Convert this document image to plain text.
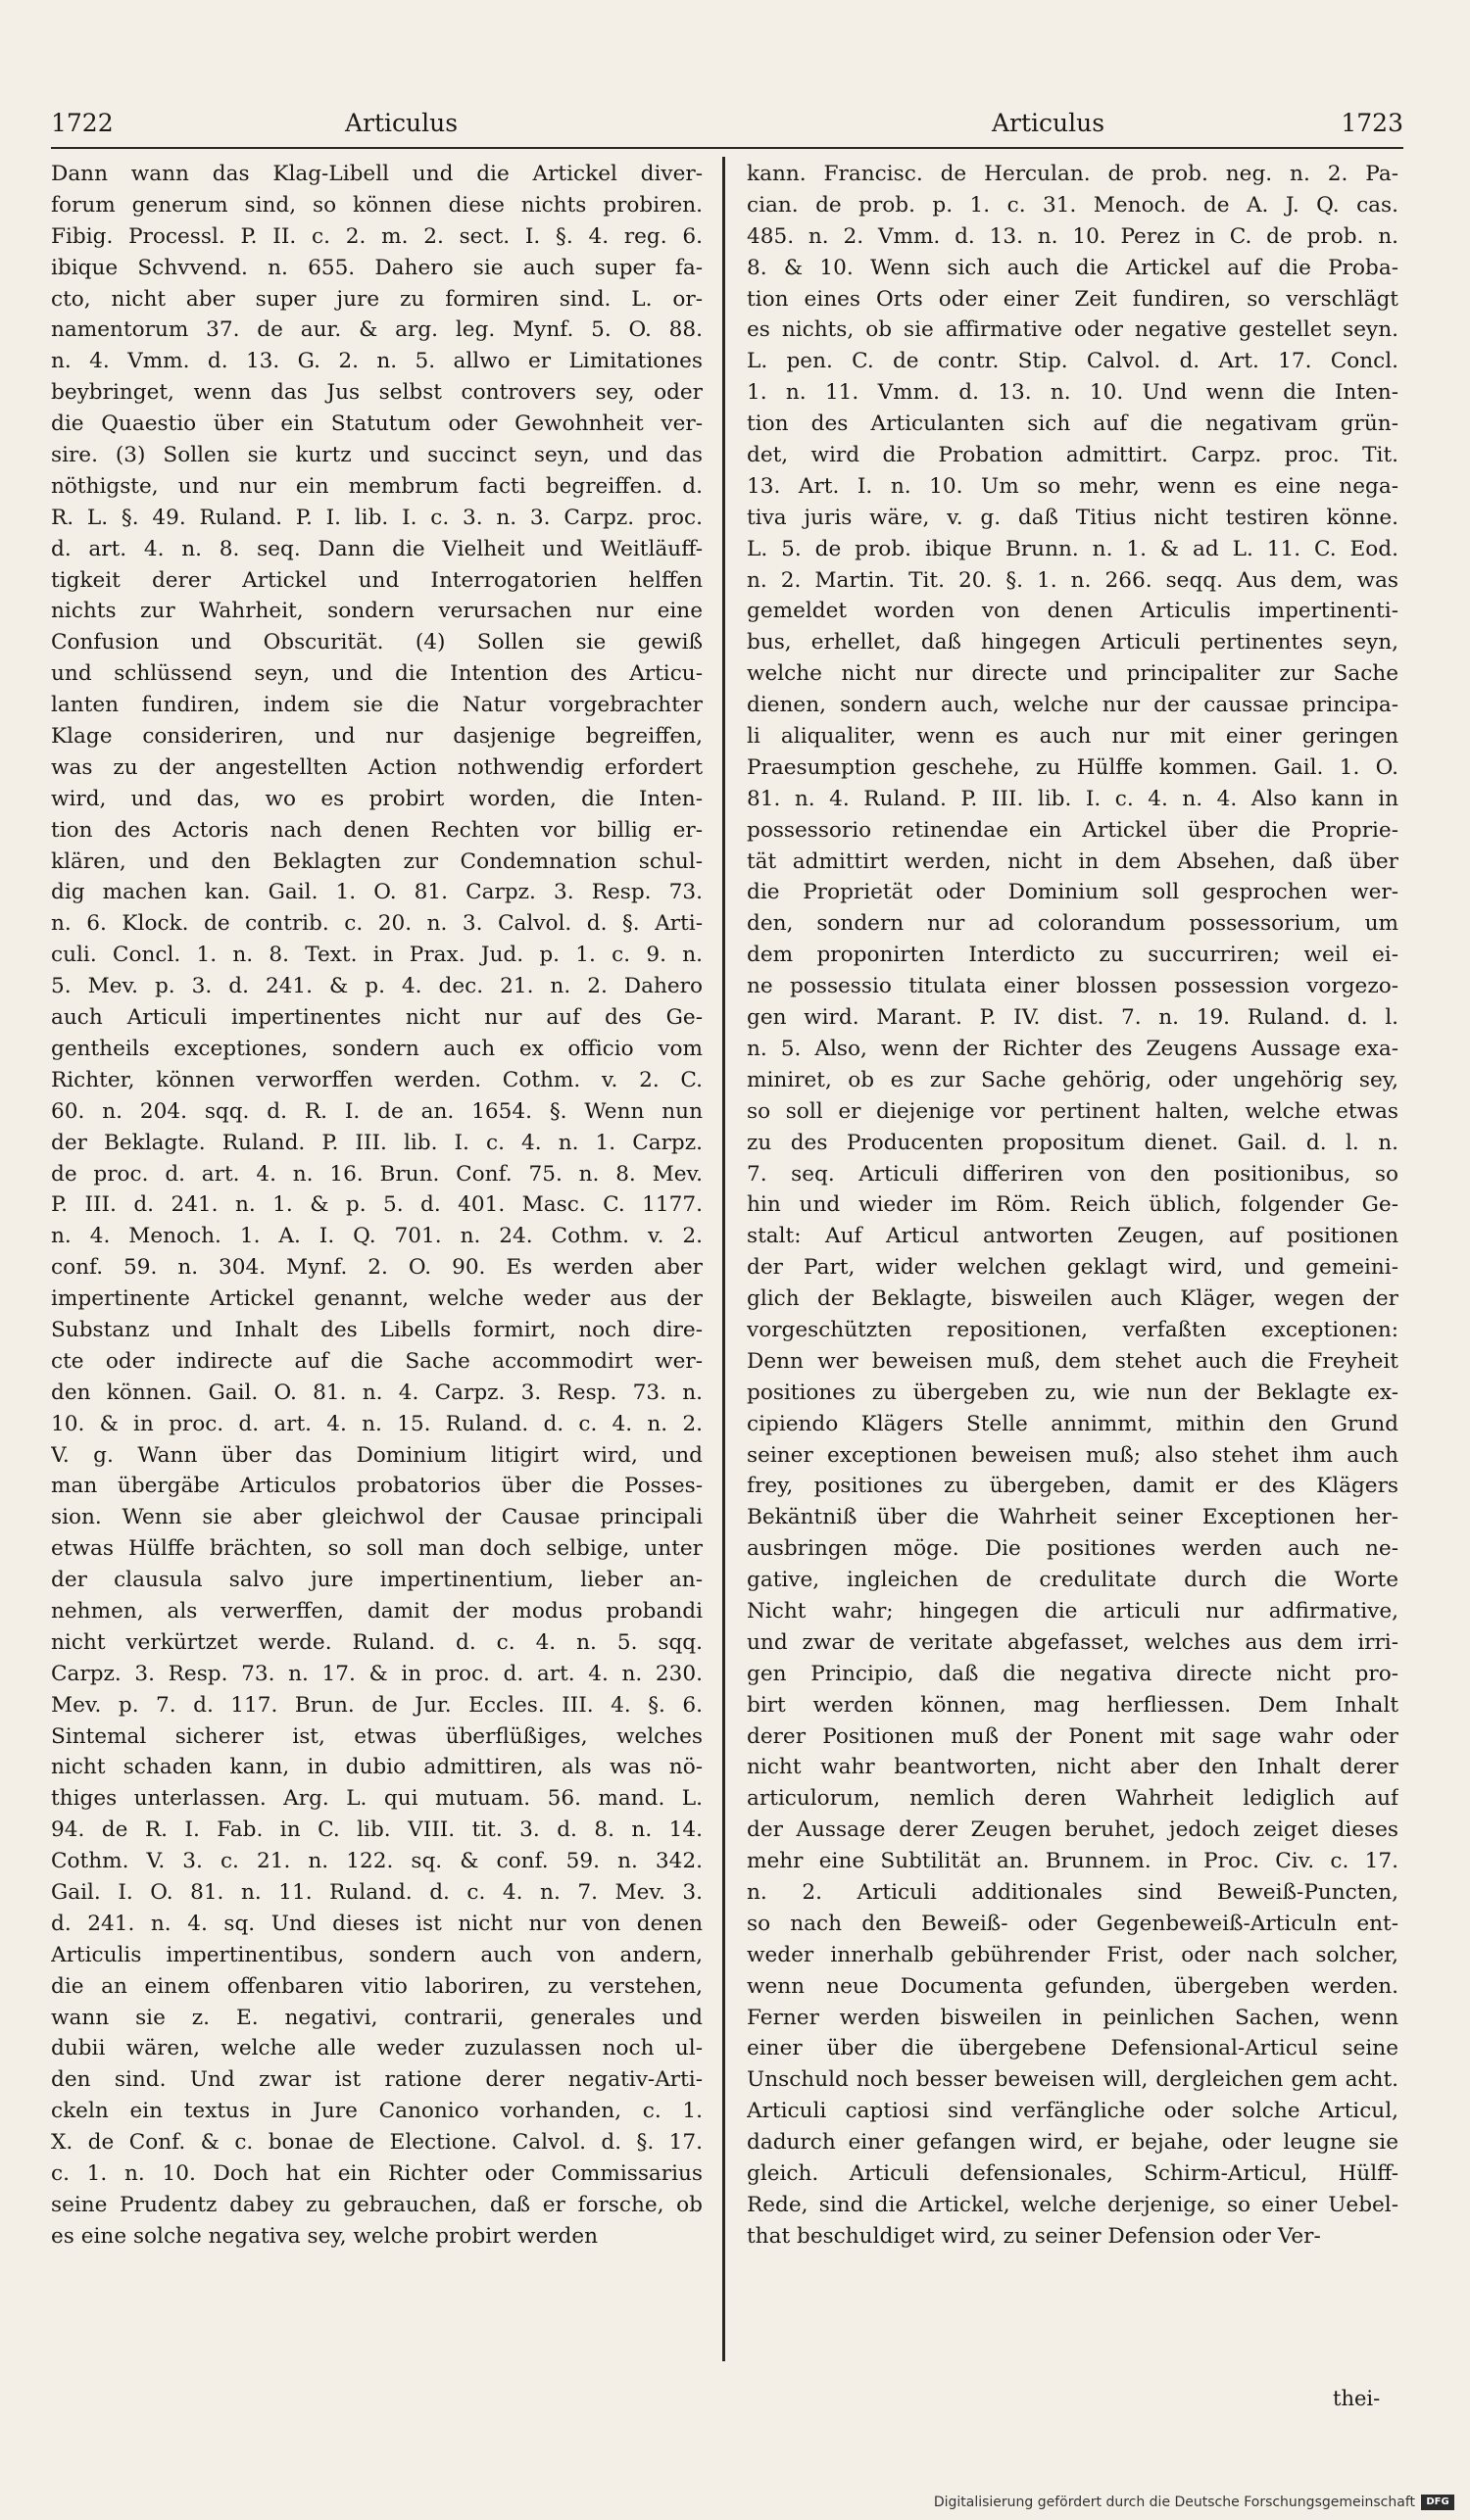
1722	Articulus	Articulus	1723
Dann wann das Klag-Libell und die Artickel diver-
forum generum sind, so können diese nichts probiren.
Fibig. Processl. P. II. c. 2. m. 2. sect. I. §. 4. reg. 6.
ibique Schvvend. n. 655. Dahero sie auch super fa-
cto, nicht aber super jure zu formiren sind. L. or-
namentorum 37. de aur. & arg. leg. Mynf. 5. O. 88.
n. 4. Vmm. d. 13. G. 2. n. 5. allwo er Limitationes
beybringet, wenn das Jus selbst controvers sey, oder
die Quaestio über ein Statutum oder Gewohnheit ver-
sire. (3) Sollen sie kurtz und succinct seyn, und das
nöthigste, und nur ein membrum facti begreiffen. d.
R. L. §. 49. Ruland. P. I. lib. I. c. 3. n. 3. Carpz. proc.
d. art. 4. n. 8. seq. Dann die Vielheit und Weitläuff-
tigkeit derer Artickel und Interrogatorien helffen
nichts zur Wahrheit, sondern verursachen nur eine
Confusion und Obscurität. (4) Sollen sie gewiß
und schlüssend seyn, und die Intention des Articu-
lanten fundiren, indem sie die Natur vorgebrachter
Klage consideriren, und nur dasjenige begreiffen,
was zu der angestellten Action nothwendig erfordert
wird, und das, wo es probirt worden, die Inten-
tion des Actoris nach denen Rechten vor billig er-
klären, und den Beklagten zur Condemnation schul-
dig machen kan. Gail. 1. O. 81. Carpz. 3. Resp. 73.
n. 6. Klock. de contrib. c. 20. n. 3. Calvol. d. §. Arti-
culi. Concl. 1. n. 8. Text. in Prax. Jud. p. 1. c. 9. n.
5. Mev. p. 3. d. 241. & p. 4. dec. 21. n. 2. Dahero
auch Articuli impertinentes nicht nur auf des Ge-
gentheils exceptiones, sondern auch ex officio vom
Richter, können verworffen werden. Cothm. v. 2. C.
60. n. 204. sqq. d. R. I. de an. 1654. §. Wenn nun
der Beklagte. Ruland. P. III. lib. I. c. 4. n. 1. Carpz.
de proc. d. art. 4. n. 16. Brun. Conf. 75. n. 8. Mev.
P. III. d. 241. n. 1. & p. 5. d. 401. Masc. C. 1177.
n. 4. Menoch. 1. A. I. Q. 701. n. 24. Cothm. v. 2.
conf. 59. n. 304. Mynf. 2. O. 90. Es werden aber
impertinente Artickel genannt, welche weder aus der
Substanz und Inhalt des Libells formirt, noch dire-
cte oder indirecte auf die Sache accommodirt wer-
den können. Gail. O. 81. n. 4. Carpz. 3. Resp. 73. n.
10. & in proc. d. art. 4. n. 15. Ruland. d. c. 4. n. 2.
V. g. Wann über das Dominium litigirt wird, und
man übergäbe Articulos probatorios über die Posses-
sion. Wenn sie aber gleichwol der Causae principali
etwas Hülffe brächten, so soll man doch selbige, unter
der clausula salvo jure impertinentium, lieber an-
nehmen, als verwerffen, damit der modus probandi
nicht verkürtzet werde. Ruland. d. c. 4. n. 5. sqq.
Carpz. 3. Resp. 73. n. 17. & in proc. d. art. 4. n. 230.
Mev. p. 7. d. 117. Brun. de Jur. Eccles. III. 4. §. 6.
Sintemal sicherer ist, etwas überflüßiges, welches
nicht schaden kann, in dubio admittiren, als was nö-
thiges unterlassen. Arg. L. qui mutuam. 56. mand. L.
94. de R. I. Fab. in C. lib. VIII. tit. 3. d. 8. n. 14.
Cothm. V. 3. c. 21. n. 122. sq. & conf. 59. n. 342.
Gail. I. O. 81. n. 11. Ruland. d. c. 4. n. 7. Mev. 3.
d. 241. n. 4. sq. Und dieses ist nicht nur von denen
Articulis impertinentibus, sondern auch von andern,
die an einem offenbaren vitio laboriren, zu verstehen,
wann sie z. E. negativi, contrarii, generales und
dubii wären, welche alle weder zuzulassen noch ul-
den sind. Und zwar ist ratione derer negativ-Arti-
ckeln ein textus in Jure Canonico vorhanden, c. 1.
X. de Conf. & c. bonae de Electione. Calvol. d. §. 17.
c. 1. n. 10. Doch hat ein Richter oder Commissarius
seine Prudentz dabey zu gebrauchen, daß er forsche, ob
es eine solche negativa sey, welche probirt werden
kann. Francisc. de Herculan. de prob. neg. n. 2. Pa-
cian. de prob. p. 1. c. 31. Menoch. de A. J. Q. cas.
485. n. 2. Vmm. d. 13. n. 10. Perez in C. de prob. n.
8. & 10. Wenn sich auch die Artickel auf die Proba-
tion eines Orts oder einer Zeit fundiren, so verschlägt
es nichts, ob sie affirmative oder negative gestellet seyn.
L. pen. C. de contr. Stip. Calvol. d. Art. 17. Concl.
1. n. 11. Vmm. d. 13. n. 10. Und wenn die Inten-
tion des Articulanten sich auf die negativam grün-
det, wird die Probation admittirt. Carpz. proc. Tit.
13. Art. I. n. 10. Um so mehr, wenn es eine nega-
tiva juris wäre, v. g. daß Titius nicht testiren könne.
L. 5. de prob. ibique Brunn. n. 1. & ad L. 11. C. Eod.
n. 2. Martin. Tit. 20. §. 1. n. 266. seqq. Aus dem, was
gemeldet worden von denen Articulis impertinenti-
bus, erhellet, daß hingegen Articuli pertinentes seyn,
welche nicht nur directe und principaliter zur Sache
dienen, sondern auch, welche nur der caussae principa-
li aliqualiter, wenn es auch nur mit einer geringen
Praesumption geschehe, zu Hülffe kommen. Gail. 1. O.
81. n. 4. Ruland. P. III. lib. I. c. 4. n. 4. Also kann in
possessorio retinendae ein Artickel über die Proprie-
tät admittirt werden, nicht in dem Absehen, daß über
die Proprietät oder Dominium soll gesprochen wer-
den, sondern nur ad colorandum possessorium, um
dem proponirten Interdicto zu succurriren; weil ei-
ne possessio titulata einer blossen possession vorgezo-
gen wird. Marant. P. IV. dist. 7. n. 19. Ruland. d. l.
n. 5. Also, wenn der Richter des Zeugens Aussage exa-
miniret, ob es zur Sache gehörig, oder ungehörig sey,
so soll er diejenige vor pertinent halten, welche etwas
zu des Producenten propositum dienet. Gail. d. l. n.
7. seq. Articuli differiren von den positionibus, so
hin und wieder im Röm. Reich üblich, folgender Ge-
stalt: Auf Articul antworten Zeugen, auf positionen
der Part, wider welchen geklagt wird, und gemeini-
glich der Beklagte, bisweilen auch Kläger, wegen der
vorgeschützten repositionen, verfaßten exceptionen:
Denn wer beweisen muß, dem stehet auch die Freyheit
positiones zu übergeben zu, wie nun der Beklagte ex-
cipiendo Klägers Stelle annimmt, mithin den Grund
seiner exceptionen beweisen muß; also stehet ihm auch
frey, positiones zu übergeben, damit er des Klägers
Bekäntniß über die Wahrheit seiner Exceptionen her-
ausbringen möge. Die positiones werden auch ne-
gative, ingleichen de credulitate durch die Worte
Nicht wahr; hingegen die articuli nur adfirmative,
und zwar de veritate abgefasset, welches aus dem irri-
gen Principio, daß die negativa directe nicht pro-
birt werden können, mag herfliessen. Dem Inhalt
derer Positionen muß der Ponent mit sage wahr oder
nicht wahr beantworten, nicht aber den Inhalt derer
articulorum, nemlich deren Wahrheit lediglich auf
der Aussage derer Zeugen beruhet, jedoch zeiget dieses
mehr eine Subtilität an. Brunnem. in Proc. Civ. c. 17.
n. 2. Articuli additionales sind Beweiß-Puncten,
so nach den Beweiß- oder Gegenbeweiß-Articuln ent-
weder innerhalb gebührender Frist, oder nach solcher,
wenn neue Documenta gefunden, übergeben werden.
Ferner werden bisweilen in peinlichen Sachen, wenn
einer über die übergebene Defensional-Articul seine
Unschuld noch besser beweisen will, dergleichen gem acht.
Articuli captiosi sind verfängliche oder solche Articul,
dadurch einer gefangen wird, er bejahe, oder leugne sie
gleich. Articuli defensionales, Schirm-Articul, Hülff-
Rede, sind die Artickel, welche derjenige, so einer Uebel-
that beschuldiget wird, zu seiner Defension oder Ver-
thei-
Digitalisierung gefördert durch die Deutsche Forschungsgemeinschaft	DFG
